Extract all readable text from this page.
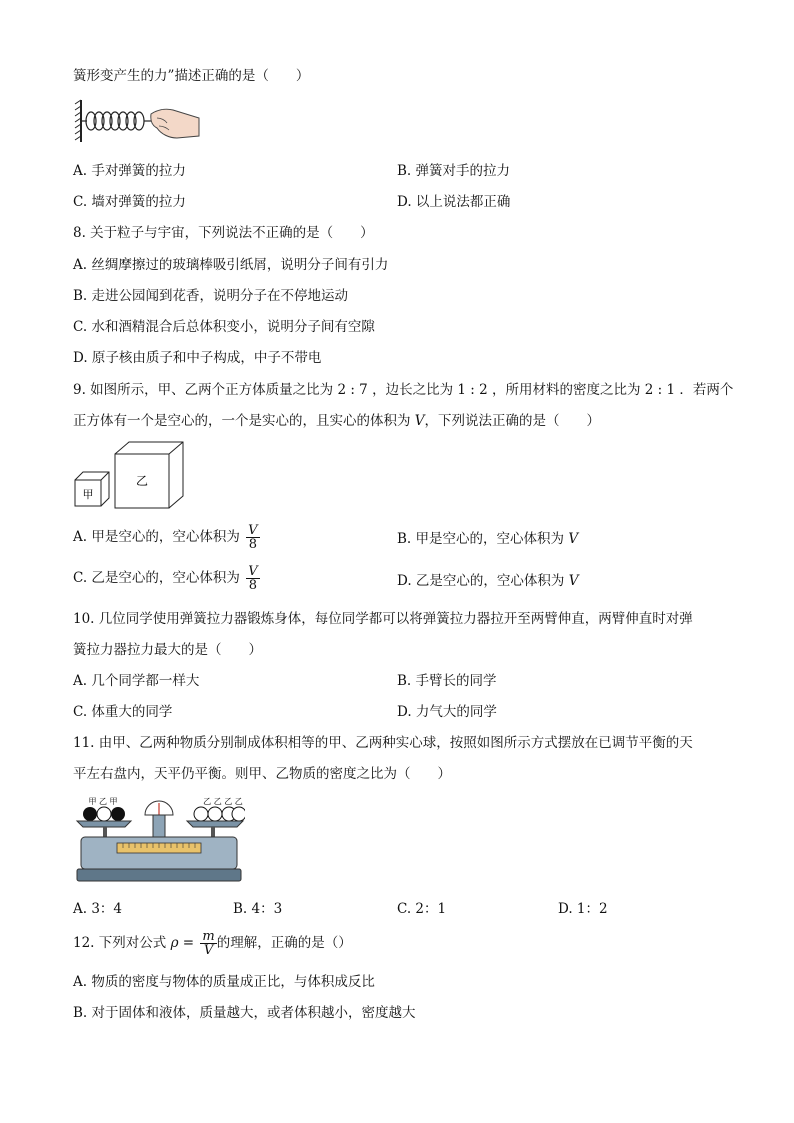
簧形变产生的力”描述正确的是（　　）
A. 手对弹簧的拉力	B. 弹簧对手的拉力
C. 墙对弹簧的拉力	D. 以上说法都正确
8. 关于粒子与宇宙，下列说法不正确的是（　　）
A. 丝绸摩擦过的玻璃棒吸引纸屑，说明分子间有引力
B. 走进公园闻到花香，说明分子在不停地运动
C. 水和酒精混合后总体积变小，说明分子间有空隙
D. 原子核由质子和中子构成，中子不带电
9. 如图所示，甲、乙两个正方体质量之比为 2 : 7 ，边长之比为 1 : 2 ，所用材料的密度之比为 2 : 1 ．若两个
正方体有一个是空心的，一个是实心的，且实心的体积为 V，下列说法正确的是（　　）
甲
乙
A. 甲是空心的，空心体积为 $\frac{V}{8}$	B. 甲是空心的，空心体积为 V
C. 乙是空心的，空心体积为 $\frac{V}{8}$	D. 乙是空心的，空心体积为 V
10. 几位同学使用弹簧拉力器锻炼身体，每位同学都可以将弹簧拉力器拉开至两臂伸直，两臂伸直时对弹
簧拉力器拉力最大的是（　　）
A. 几个同学都一样大	B. 手臂长的同学
C. 体重大的同学	D. 力气大的同学
11. 由甲、乙两种物质分别制成体积相等的甲、乙两种实心球，按照如图所示方式摆放在已调节平衡的天
平左右盘内，天平仍平衡。则甲、乙物质的密度之比为（　　）
甲 乙 甲	乙 乙 乙 乙
A. 3：4	B. 4：3	C. 2：1	D. 1：2
12. 下列对公式 $\rho = \frac{m}{V}$ 的理解，正确的是（）
A. 物质的密度与物体的质量成正比，与体积成反比
B. 对于固体和液体，质量越大，或者体积越小，密度越大
